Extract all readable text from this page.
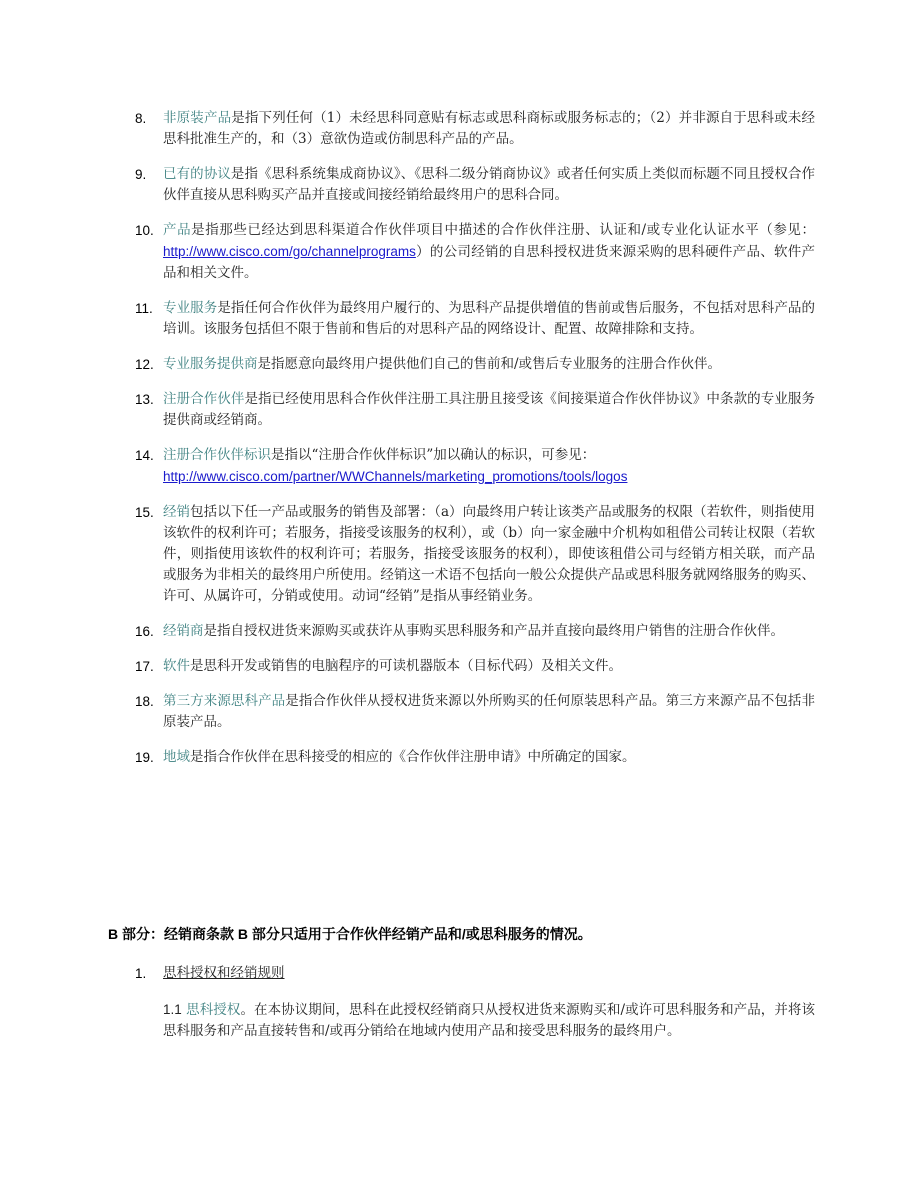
8. 非原装产品是指下列任何（1）未经思科同意贴有标志或思科商标或服务标志的；（2）并非源自于思科或未经思科批准生产的，和（3）意欲伪造或仿制思科产品的产品。
9. 已有的协议是指《思科系统集成商协议》、《思科二级分销商协议》或者任何实质上类似而标题不同且授权合作伙伴直接从思科购买产品并直接或间接经销给最终用户的思科合同。
10. 产品是指那些已经达到思科渠道合作伙伴项目中描述的合作伙伴注册、认证和/或专业化认证水平（参见：http://www.cisco.com/go/channelprograms）的公司经销的自思科授权进货来源采购的思科硬件产品、软件产品和相关文件。
11. 专业服务是指任何合作伙伴为最终用户履行的、为思科产品提供增值的售前或售后服务，不包括对思科产品的培训。该服务包括但不限于售前和售后的对思科产品的网络设计、配置、故障排除和支持。
12. 专业服务提供商是指愿意向最终用户提供他们自己的售前和/或售后专业服务的注册合作伙伴。
13. 注册合作伙伴是指已经使用思科合作伙伴注册工具注册且接受该《间接渠道合作伙伴协议》中条款的专业服务提供商或经销商。
14. 注册合作伙伴标识是指以“注册合作伙伴标识”加以确认的标识，可参见：
http://www.cisco.com/partner/WWChannels/marketing_promotions/tools/logos
15. 经销包括以下任一产品或服务的销售及部署：（a）向最终用户转让该类产品或服务的权限（若软件，则指使用该软件的权利许可；若服务，指接受该服务的权利），或（b）向一家金融中介机构如租借公司转让权限（若软件，则指使用该软件的权利许可；若服务，指接受该服务的权利），即使该租借公司与经销方相关联，而产品或服务为非相关的最终用户所使用。经销这一术语不包括向一般公众提供产品或思科服务就网络服务的购买、许可、从属许可，分销或使用。动词“经销”是指从事经销业务。
16. 经销商是指自授权进货来源购买或获许从事购买思科服务和产品并直接向最终用户销售的注册合作伙伴。
17. 软件是思科开发或销售的电脑程序的可读机器版本（目标代码）及相关文件。
18. 第三方来源思科产品是指合作伙伴从授权进货来源以外所购买的任何原装思科产品。第三方来源产品不包括非原装产品。
19. 地域是指合作伙伴在思科接受的相应的《合作伙伴注册申请》中所确定的国家。
B 部分：经销商条款 B 部分只适用于合作伙伴经销产品和/或思科服务的情况。
1. 思科授权和经销规则
1.1 思科授权。在本协议期间，思科在此授权经销商只从授权进货来源购买和/或许可思科服务和产品，并将该思科服务和产品直接转售和/或再分销给在地域内使用产品和接受思科服务的最终用户。
